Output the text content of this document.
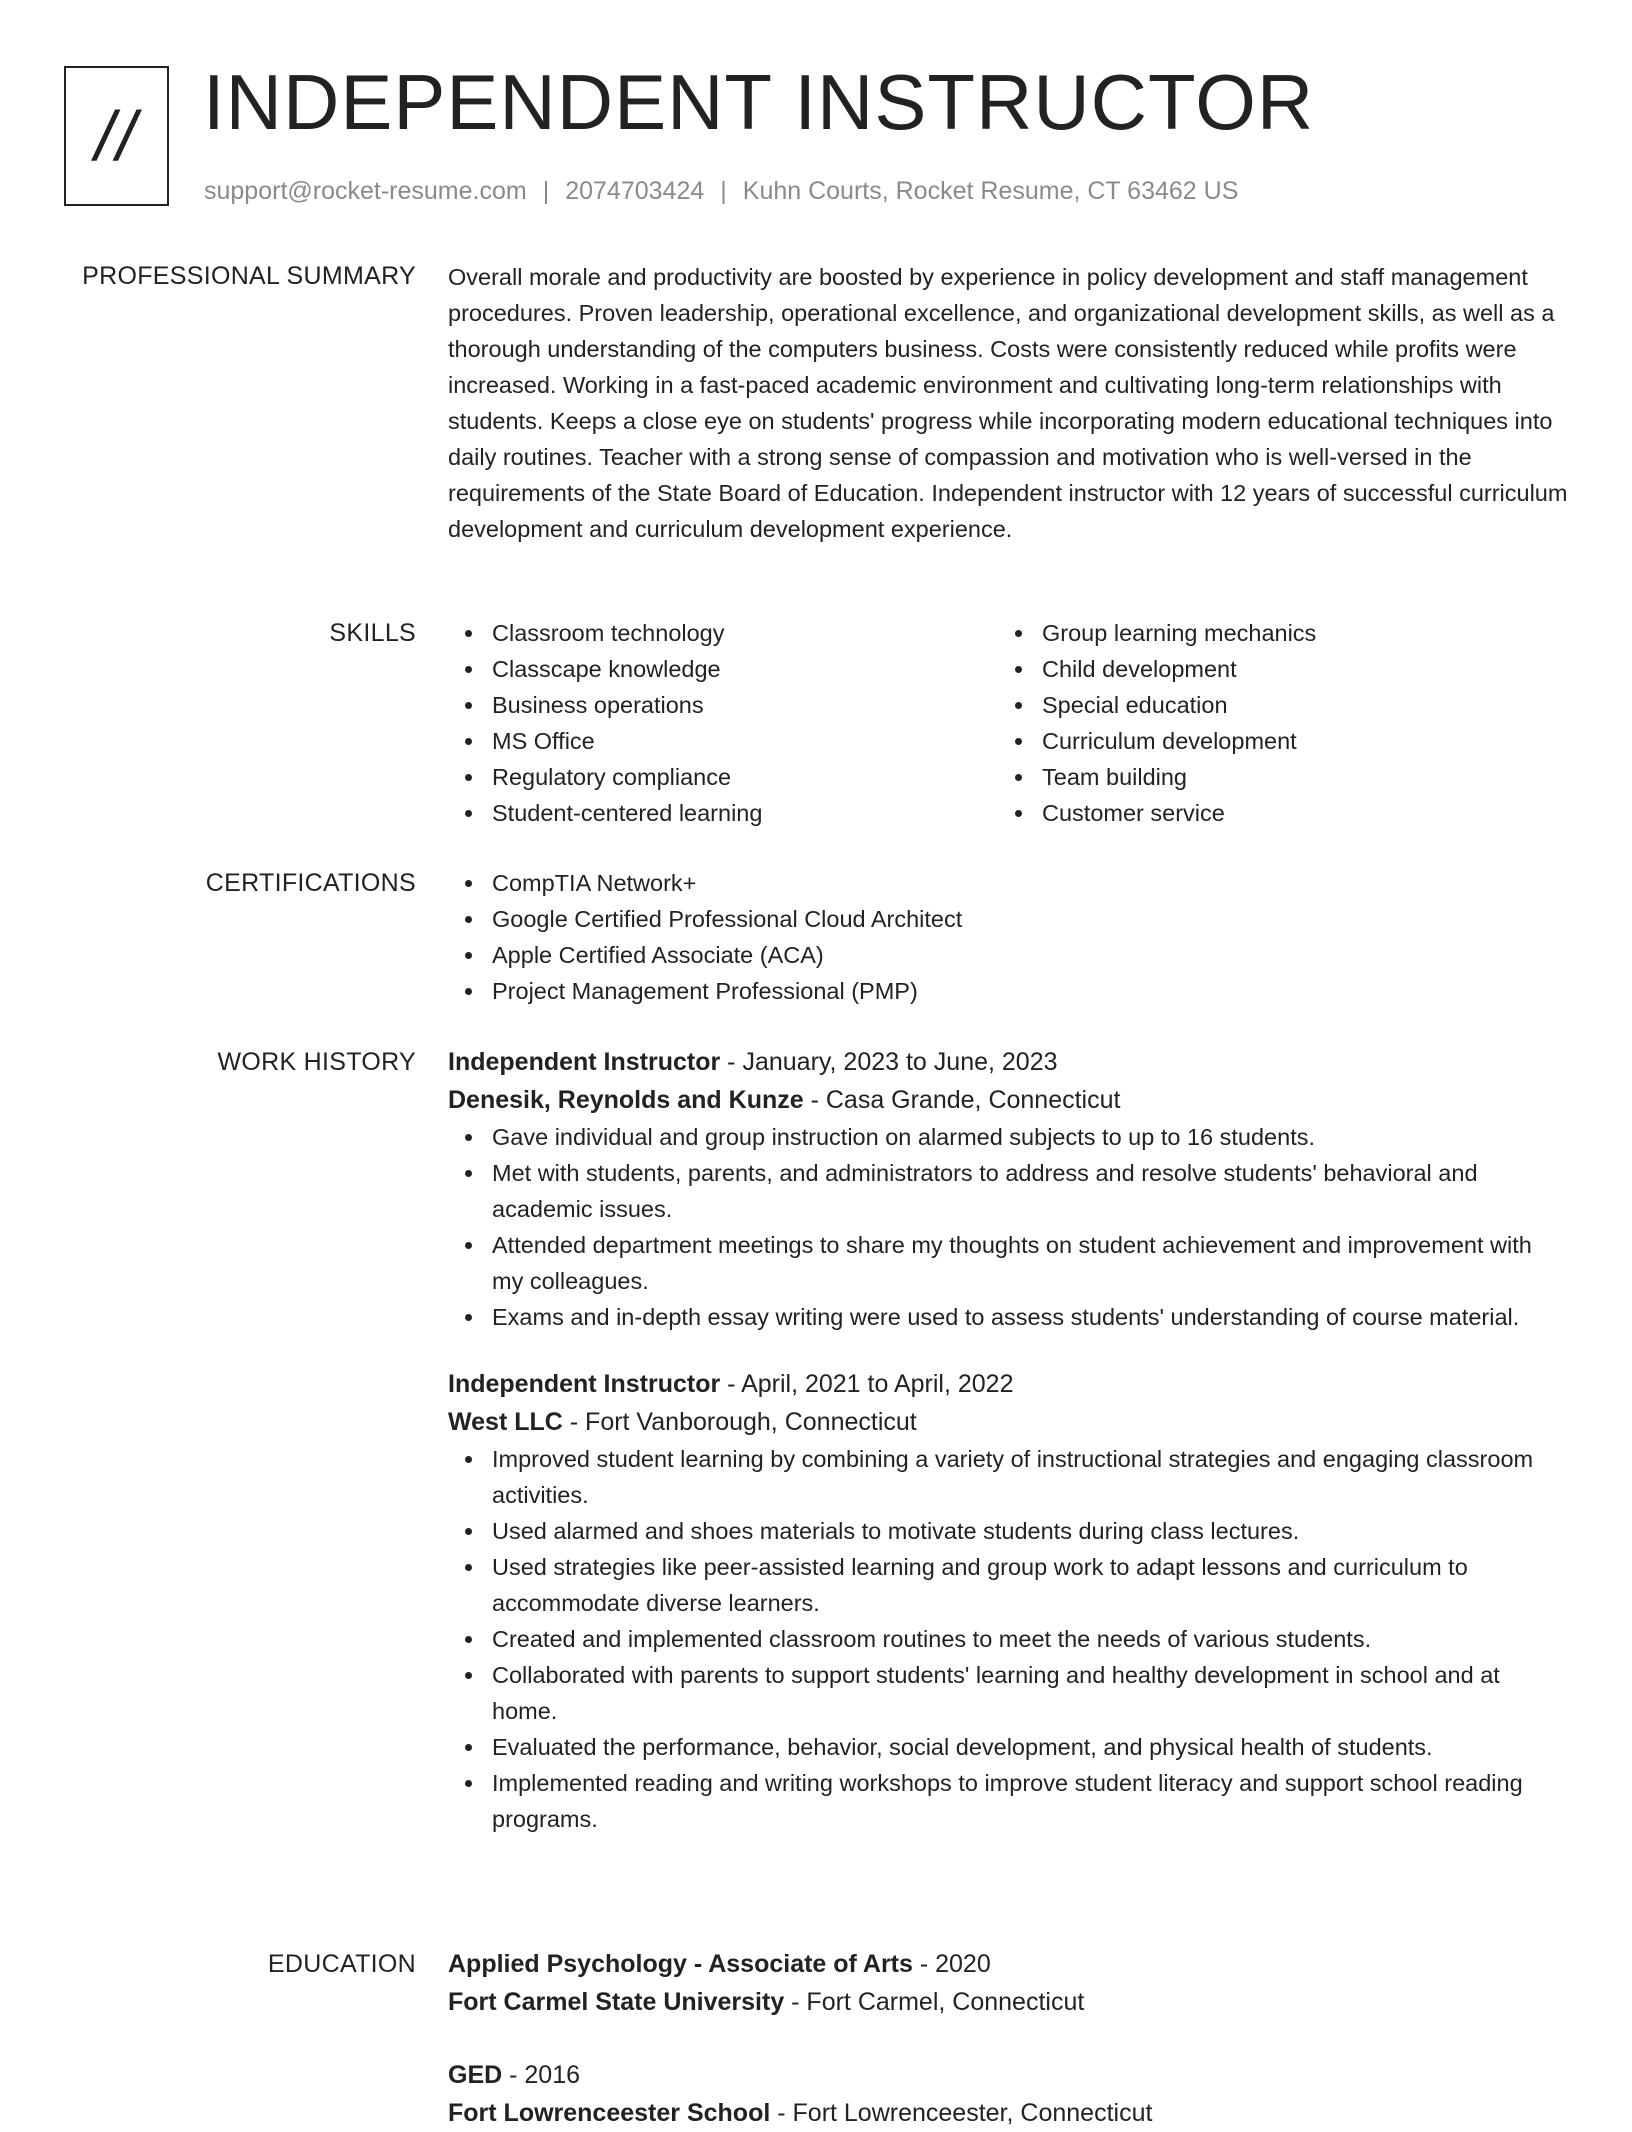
// INDEPENDENT INSTRUCTOR
support@rocket-resume.com | 2074703424 | Kuhn Courts, Rocket Resume, CT 63462 US
PROFESSIONAL SUMMARY Overall morale and productivity are boosted by experience in policy development and staff management procedures. Proven leadership, operational excellence, and organizational development skills, as well as a thorough understanding of the computers business. Costs were consistently reduced while profits were increased. Working in a fast-paced academic environment and cultivating long-term relationships with students. Keeps a close eye on students' progress while incorporating modern educational techniques into daily routines. Teacher with a strong sense of compassion and motivation who is well-versed in the requirements of the State Board of Education. Independent instructor with 12 years of successful curriculum development and curriculum development experience.

SKILLS	Classroom technology
Classcape knowledge
Business operations
MS Office
Regulatory compliance
Student-centered learning
Group learning mechanics
Child development
Special education
Curriculum development
Team building
Customer service
CERTIFICATIONS	CompTIA Network+
Google Certified Professional Cloud Architect
Apple Certified Associate (ACA)
Project Management Professional (PMP)
WORK HISTORY Independent Instructor - January, 2023 to June, 2023
Denesik, Reynolds and Kunze - Casa Grande, Connecticut
Gave individual and group instruction on alarmed subjects to up to 16 students.
Met with students, parents, and administrators to address and resolve students' behavioral and academic issues.
Attended department meetings to share my thoughts on student achievement and improvement with my colleagues.
Exams and in-depth essay writing were used to assess students' understanding of course material.
Independent Instructor - April, 2021 to April, 2022
West LLC - Fort Vanborough, Connecticut
Improved student learning by combining a variety of instructional strategies and engaging classroom activities.
Used alarmed and shoes materials to motivate students during class lectures.
Used strategies like peer-assisted learning and group work to adapt lessons and curriculum to accommodate diverse learners.
Created and implemented classroom routines to meet the needs of various students.
Collaborated with parents to support students' learning and healthy development in school and at home.
Evaluated the performance, behavior, social development, and physical health of students.
Implemented reading and writing workshops to improve student literacy and support school reading programs.
EDUCATION Applied Psychology - Associate of Arts - 2020
Fort Carmel State University - Fort Carmel, Connecticut
GED - 2016
Fort Lowrenceester School - Fort Lowrenceester, Connecticut
